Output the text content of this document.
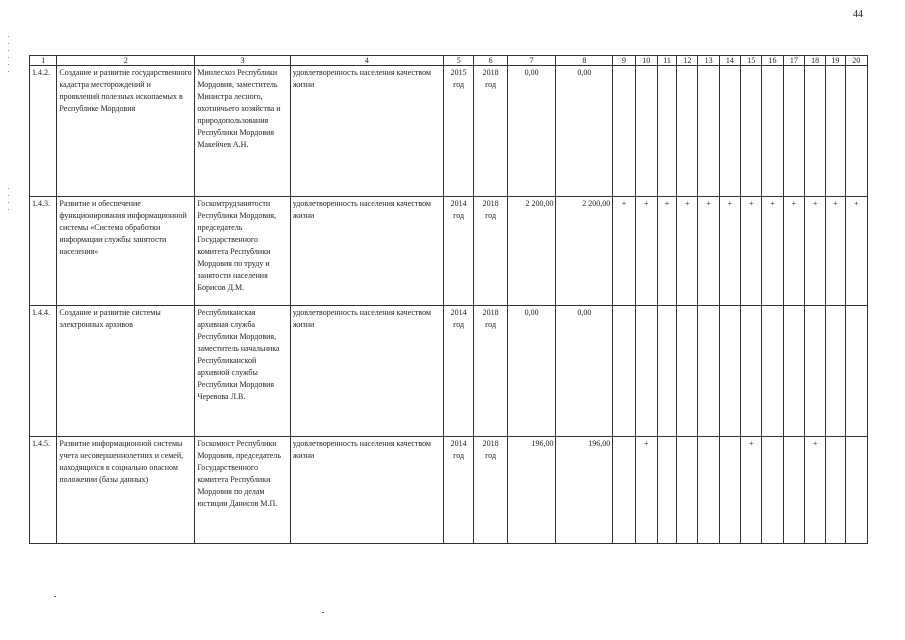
44
1	2	3	4	5	6	7	8	9	10	11	12	13	14	15	16	17	18	19	20
1.4.2.	Создание и развитие государственного кадастра месторождений и проявлений полезных ископаемых в Республике Мордовия	Минлесхоз Республики Мордовия, заместитель Министра лесного, охотничьего хозяйства и природопользования Республики Мордовия Макейчев А.Н.	удовлетворенность населения качеством жизни	2015 год	2018 год	0,00	0,00												
1.4.3.	Развитие и обеспечение функционирования информационной системы «Система обработки информации службы занятости населения»	Госкомтрудзанятости Республики Мордовия, председатель Государственного комитета Республики Мордовия по труду и занятости населения Борисов Д.М.	удовлетворенность населения качеством жизни	2014 год	2018 год	2 200,00	2 200,00	+	+	+	+	+	+	+	+	+	+	+	+
1.4.4.	Создание и развитие системы электронных архивов	Республиканская архивная служба Республики Мордовия, заместитель начальника Республиканской архивной службы Республики Мордовия Черевова Л.В.	удовлетворенность населения качеством жизни	2014 год	2018 год	0,00	0,00												
1.4.5.	Развитие информационной системы учета несовершеннолетних и семей, находящихся в социально опасном положении (базы данных)	Госкомюст Республики Мордовия, председатель Государственного комитета Республики Мордовия по делам юстиции Данисов М.П.	удовлетворенность населения качеством жизни	2014 год	2018 год	196,00	196,00		+					+			+		
